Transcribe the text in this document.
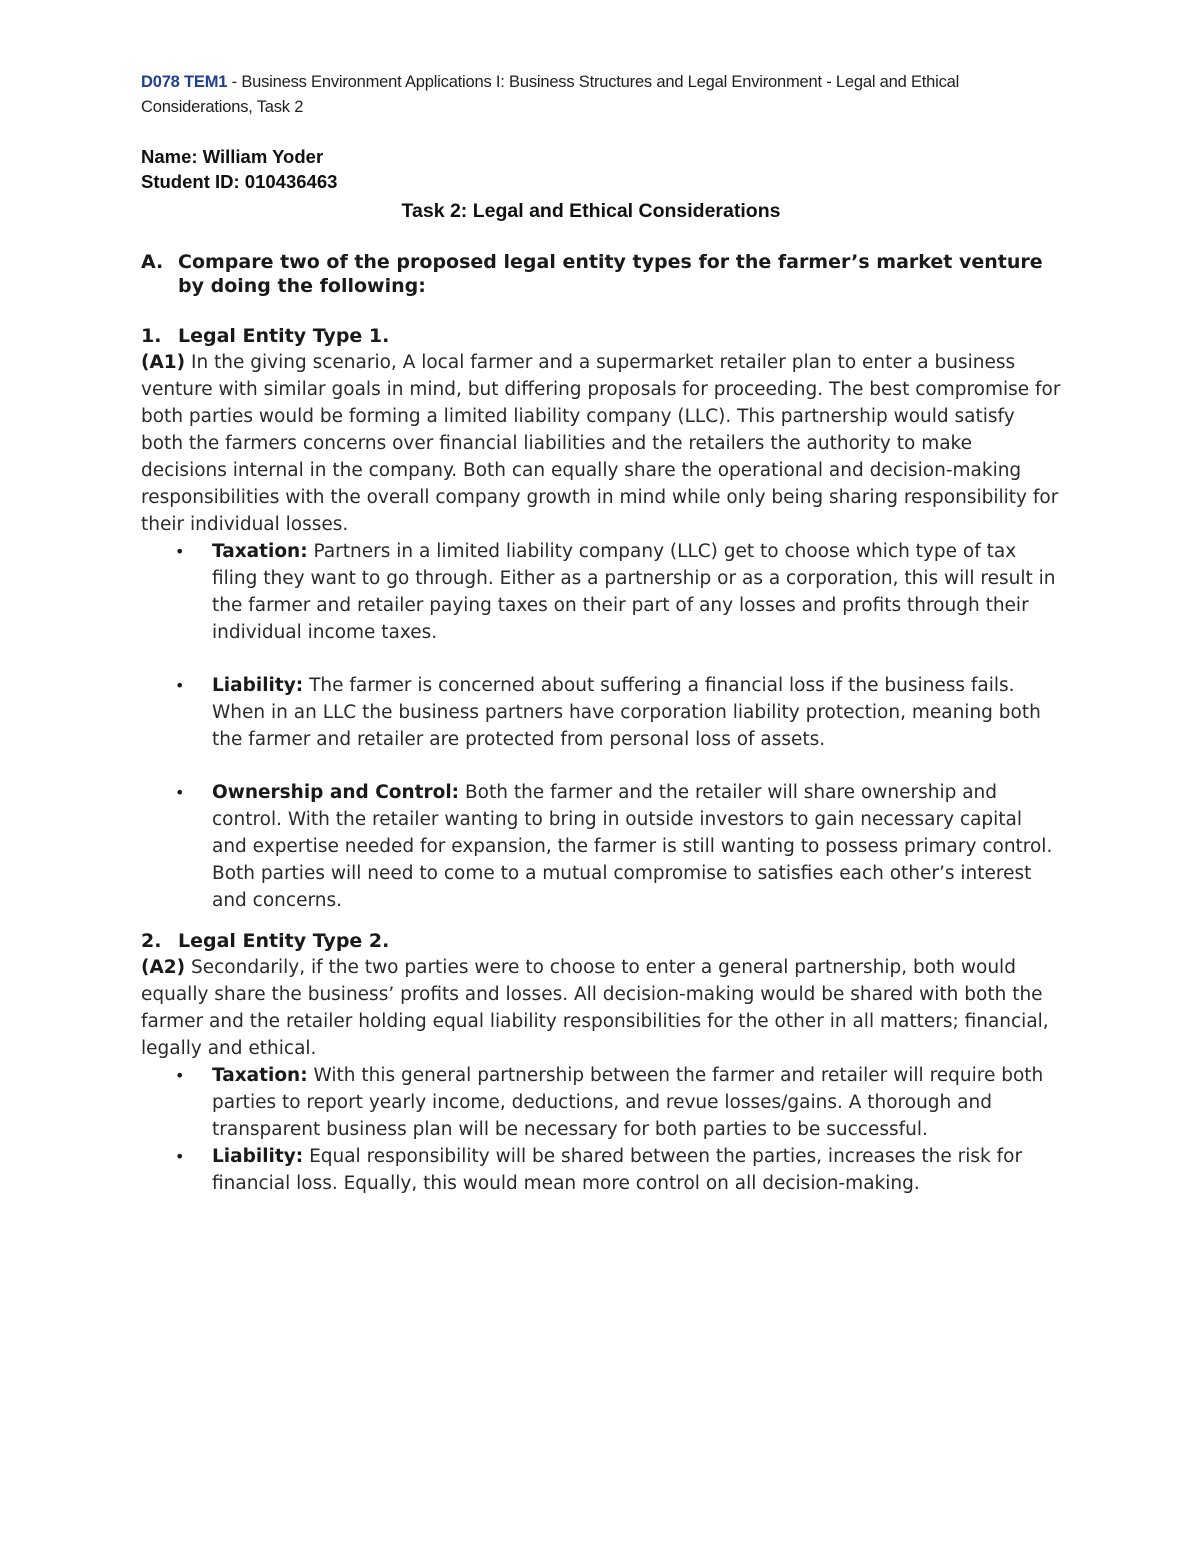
D078 TEM1 - Business Environment Applications I: Business Structures and Legal Environment - Legal and Ethical Considerations, Task 2
Name: William Yoder
Student ID: 010436463
Task 2: Legal and Ethical Considerations
A. Compare two of the proposed legal entity types for the farmer’s market venture by doing the following:
1. Legal Entity Type 1.

(A1) In the giving scenario, A local farmer and a supermarket retailer plan to enter a business venture with similar goals in mind, but differing proposals for proceeding. The best compromise for both parties would be forming a limited liability company (LLC). This partnership would satisfy both the farmers concerns over financial liabilities and the retailers the authority to make decisions internal in the company. Both can equally share the operational and decision-making responsibilities with the overall company growth in mind while only being sharing responsibility for their individual losses.

• Taxation: Partners in a limited liability company (LLC) get to choose which type of tax filing they want to go through. Either as a partnership or as a corporation, this will result in the farmer and retailer paying taxes on their part of any losses and profits through their individual income taxes.
• Liability: The farmer is concerned about suffering a financial loss if the business fails. When in an LLC the business partners have corporation liability protection, meaning both the farmer and retailer are protected from personal loss of assets.
• Ownership and Control: Both the farmer and the retailer will share ownership and control. With the retailer wanting to bring in outside investors to gain necessary capital and expertise needed for expansion, the farmer is still wanting to possess primary control. Both parties will need to come to a mutual compromise to satisfies each other’s interest and concerns.
2. Legal Entity Type 2.

(A2) Secondarily, if the two parties were to choose to enter a general partnership, both would equally share the business’ profits and losses. All decision-making would be shared with both the farmer and the retailer holding equal liability responsibilities for the other in all matters; financial, legally and ethical.

• Taxation: With this general partnership between the farmer and retailer will require both parties to report yearly income, deductions, and revue losses/gains. A thorough and transparent business plan will be necessary for both parties to be successful.
• Liability: Equal responsibility will be shared between the parties, increases the risk for financial loss. Equally, this would mean more control on all decision-making.
